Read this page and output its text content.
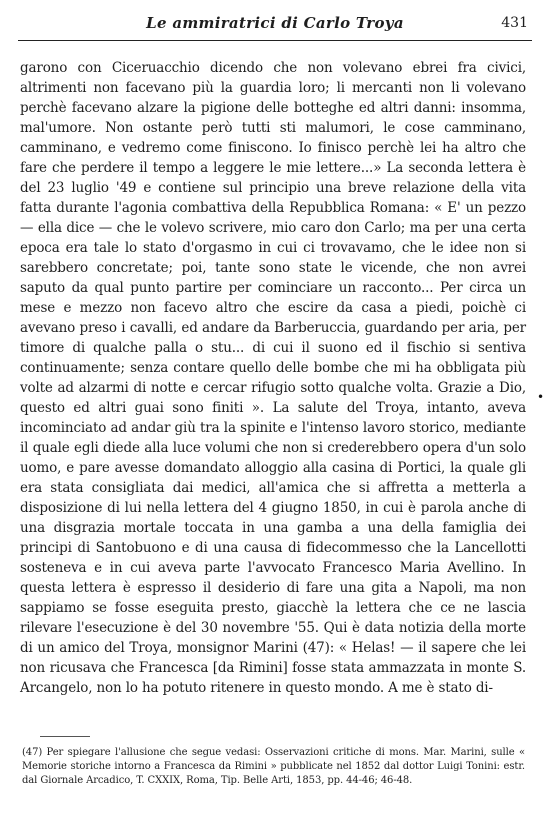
Le ammiratrici di Carlo Troya	431

garono con Ciceruacchio dicendo che non volevano ebrei fra civici, altrimenti non facevano più la guardia loro; li mercanti non li volevano perchè facevano alzare la pigione delle botteghe ed altri danni: insomma, mal'umore. Non ostante però tutti sti malumori, le cose camminano, camminano, e vedremo come finiscono. Io finisco perchè lei ha altro che fare che perdere il tempo a leggere le mie lettere...» La seconda lettera è del 23 luglio '49 e contiene sul principio una breve relazione della vita fatta durante l'agonia combattiva della Repubblica Romana: « E' un pezzo — ella dice — che le volevo scrivere, mio caro don Carlo; ma per una certa epoca era tale lo stato d'orgasmo in cui ci trovavamo, che le idee non si sarebbero concretate; poi, tante sono state le vicende, che non avrei saputo da qual punto partire per cominciare un racconto... Per circa un mese e mezzo non facevo altro che escire da casa a piedi, poichè ci avevano preso i cavalli, ed andare da Barberuccia, guardando per aria, per timore di qualche palla o stu... di cui il suono ed il fischio si sentiva continuamente; senza contare quello delle bombe che mi ha obbligata più volte ad alzarmi di notte e cercar rifugio sotto qualche volta. Grazie a Dio, questo ed altri guai sono finiti ». La salute del Troya, intanto, aveva incominciato ad andar giù tra la spinite e l'intenso lavoro storico, mediante il quale egli diede alla luce volumi che non si crederebbero opera d'un solo uomo, e pare avesse domandato alloggio alla casina di Portici, la quale gli era stata consigliata dai medici, all'amica che si affretta a metterla a disposizione di lui nella lettera del 4 giugno 1850, in cui è parola anche di una disgrazia mortale toccata in una gamba a una della famiglia dei principi di Santobuono e di una causa di fidecommesso che la Lancellotti sosteneva e in cui aveva parte l'avvocato Francesco Maria Avellino. In questa lettera è espresso il desiderio di fare una gita a Napoli, ma non sappiamo se fosse eseguita presto, giacchè la lettera che ce ne lascia rilevare l'esecuzione è del 30 novembre '55. Qui è data notizia della morte di un amico del Troya, monsignor Marini (47): « Helas! — il sapere che lei non ricusava che Francesca [da Rimini] fosse stata ammazzata in monte S. Arcangelo, non lo ha potuto ritenere in questo mondo. A me è stato di-

•

(47) Per spiegare l'allusione che segue vedasi: Osservazioni critiche di mons. Mar. Marini, sulle « Memorie storiche intorno a Francesca da Rimini » pubblicate nel 1852 dal dottor Luigi Tonini: estr. dal Giornale Arcadico, T. CXXIX, Roma, Tip. Belle Arti, 1853, pp. 44-46; 46-48.
